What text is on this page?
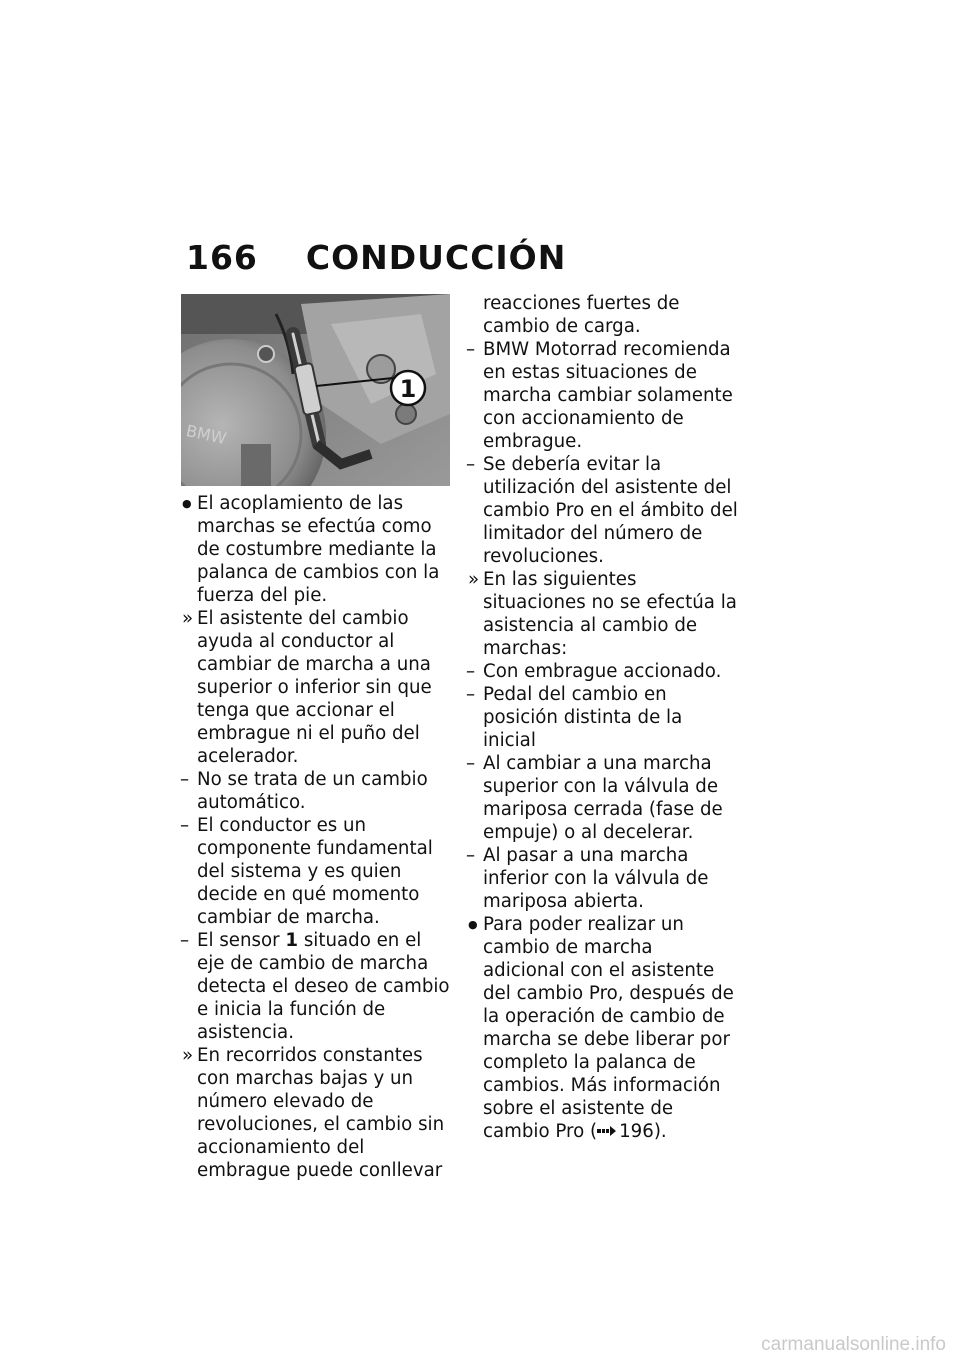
166 CONDUCCIÓN
BMW
1
●
El acoplamiento de las marchas se efectúa como de costumbre mediante la palanca de cambios con la fuerza del pie.
»
El asistente del cambio ayuda al conductor al cambiar de marcha a una superior o inferior sin que tenga que accionar el embrague ni el puño del acelerador.
–
No se trata de un cambio automático.
–
El conductor es un componente fundamental del sistema y es quien decide en qué momento cambiar de marcha.
–
El sensor 1 situado en el eje de cambio de marcha detecta el deseo de cambio e inicia la función de asistencia.
»
En recorridos constantes con marchas bajas y un número elevado de revoluciones, el cambio sin accionamiento del embrague puede conllevar
reacciones fuertes de cambio de carga.
–
BMW Motorrad recomienda en estas situaciones de marcha cambiar solamente con accionamiento de embrague.
–
Se debería evitar la utilización del asistente del cambio Pro en el ámbito del limitador del número de revoluciones.
»
En las siguientes situaciones no se efectúa la asistencia al cambio de marchas:
–
Con embrague accionado.
–
Pedal del cambio en posición distinta de la inicial
–
Al cambiar a una marcha superior con la válvula de mariposa cerrada (fase de empuje) o al decelerar.
–
Al pasar a una marcha inferior con la válvula de mariposa abierta.
●
Para poder realizar un cambio de marcha adicional con el asistente del cambio Pro, después de la operación de cambio de marcha se debe liberar por completo la palanca de cambios. Más información sobre el asistente de cambio Pro ( 196).
carmanualsonline.info
